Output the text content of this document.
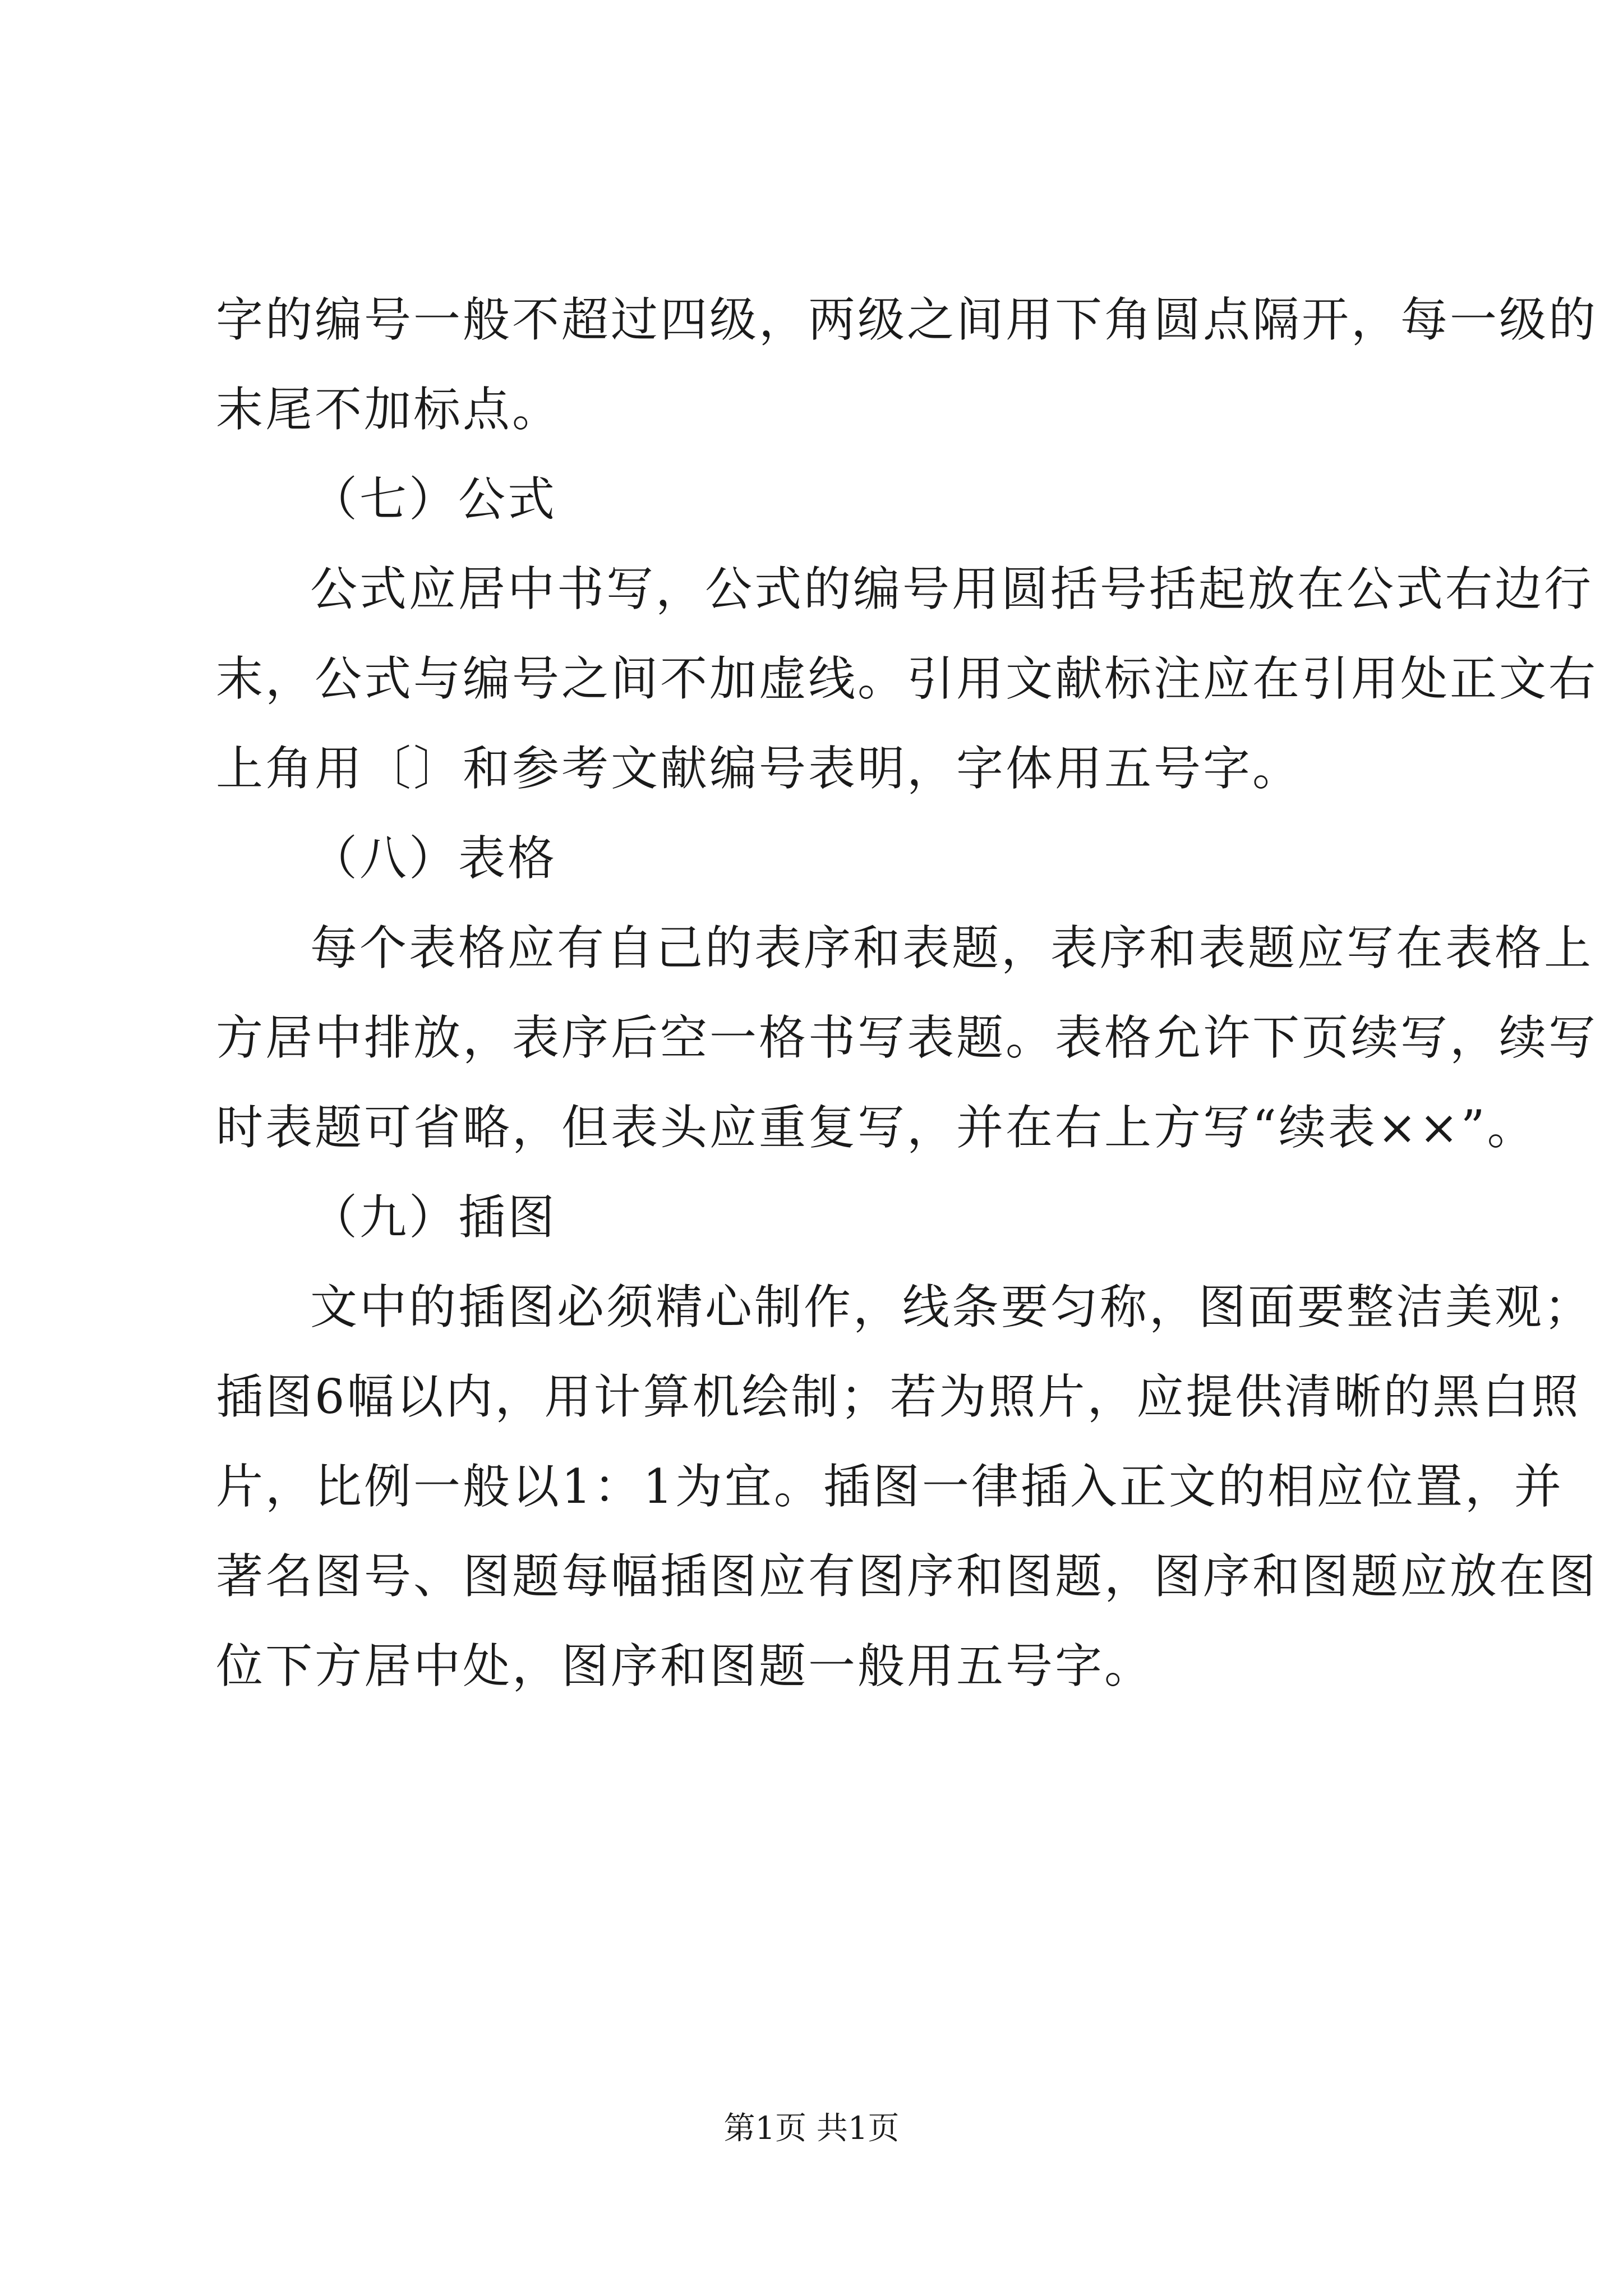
字的编号一般不超过四级，两级之间用下角圆点隔开，每一级的
末尾不加标点。
（七）公式
公式应居中书写，公式的编号用圆括号括起放在公式右边行
末，公式与编号之间不加虚线。引用文献标注应在引用处正文右
上角用〔〕和参考文献编号表明，字体用五号字。
（八）表格
每个表格应有自己的表序和表题，表序和表题应写在表格上
方居中排放，表序后空一格书写表题。表格允许下页续写，续写
时表题可省略，但表头应重复写，并在右上方写“续表××”。
（九）插图
文中的插图必须精心制作，线条要匀称，图面要整洁美观；
插图6幅以内，用计算机绘制；若为照片，应提供清晰的黑白照
片，比例一般以1：1为宜。插图一律插入正文的相应位置，并
著名图号、图题每幅插图应有图序和图题，图序和图题应放在图
位下方居中处，图序和图题一般用五号字。
第1页 共1页
